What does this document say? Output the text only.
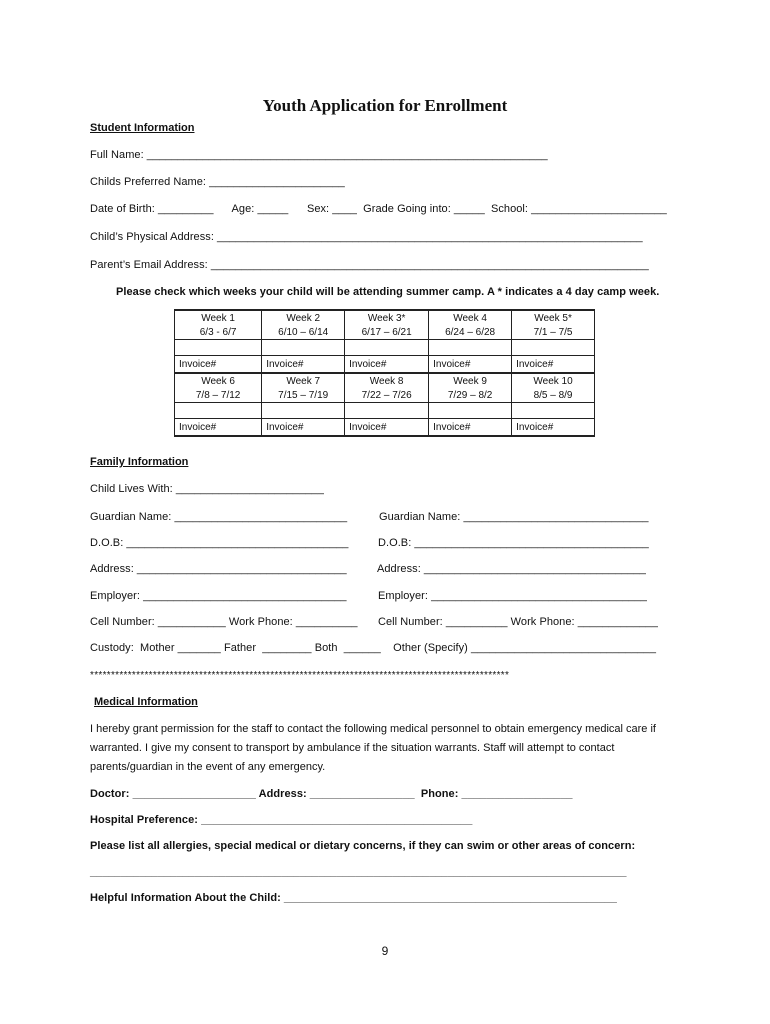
Youth Application for Enrollment
Student Information
Full Name: _________________________________________________________________
Childs Preferred Name: ______________________
Date of Birth: _________      Age: _____      Sex: ____  Grade Going into: _____  School: ______________________
Child’s Physical Address: _____________________________________________________________________
Parent’s Email Address: _______________________________________________________________________
Please check which weeks your child will be attending summer camp. A * indicates a 4 day camp week.
Week 1	Week 2	Week 3*	Week 4	Week 5*
6/3 - 6/7	6/10 – 6/14	6/17 – 6/21	6/24 – 6/28	7/1 – 7/5

Invoice#	Invoice#	Invoice#	Invoice#	Invoice#
Week 6	Week 7	Week 8	Week 9	Week 10
7/8 – 7/12	7/15 – 7/19	7/22 – 7/26	7/29 – 8/2	8/5 – 8/9

Invoice#	Invoice#	Invoice#	Invoice#	Invoice#
Family Information
Child Lives With: ________________________
Guardian Name: ____________________________	Guardian Name: ______________________________
D.O.B: ____________________________________	D.O.B: ______________________________________
Address: __________________________________	Address: ____________________________________
Employer: _________________________________	Employer: ___________________________________
Cell Number: ___________ Work Phone: __________ Cell Number: __________ Work Phone: _____________
Custody:  Mother _______ Father  ________ Both  ______    Other (Specify) ______________________________
****************************************************************************************************
Medical Information
I hereby grant permission for the staff to contact the following medical personnel to obtain emergency medical care if warranted. I give my consent to transport by ambulance if the situation warrants. Staff will attempt to contact parents/guardian in the event of any emergency.
Doctor: ____________________ Address: _________________  Phone: __________________
Hospital Preference: ____________________________________________
Please list all allergies, special medical or dietary concerns, if they can swim or other areas of concern:
_______________________________________________________________________________________
Helpful Information About the Child: ______________________________________________________
9
